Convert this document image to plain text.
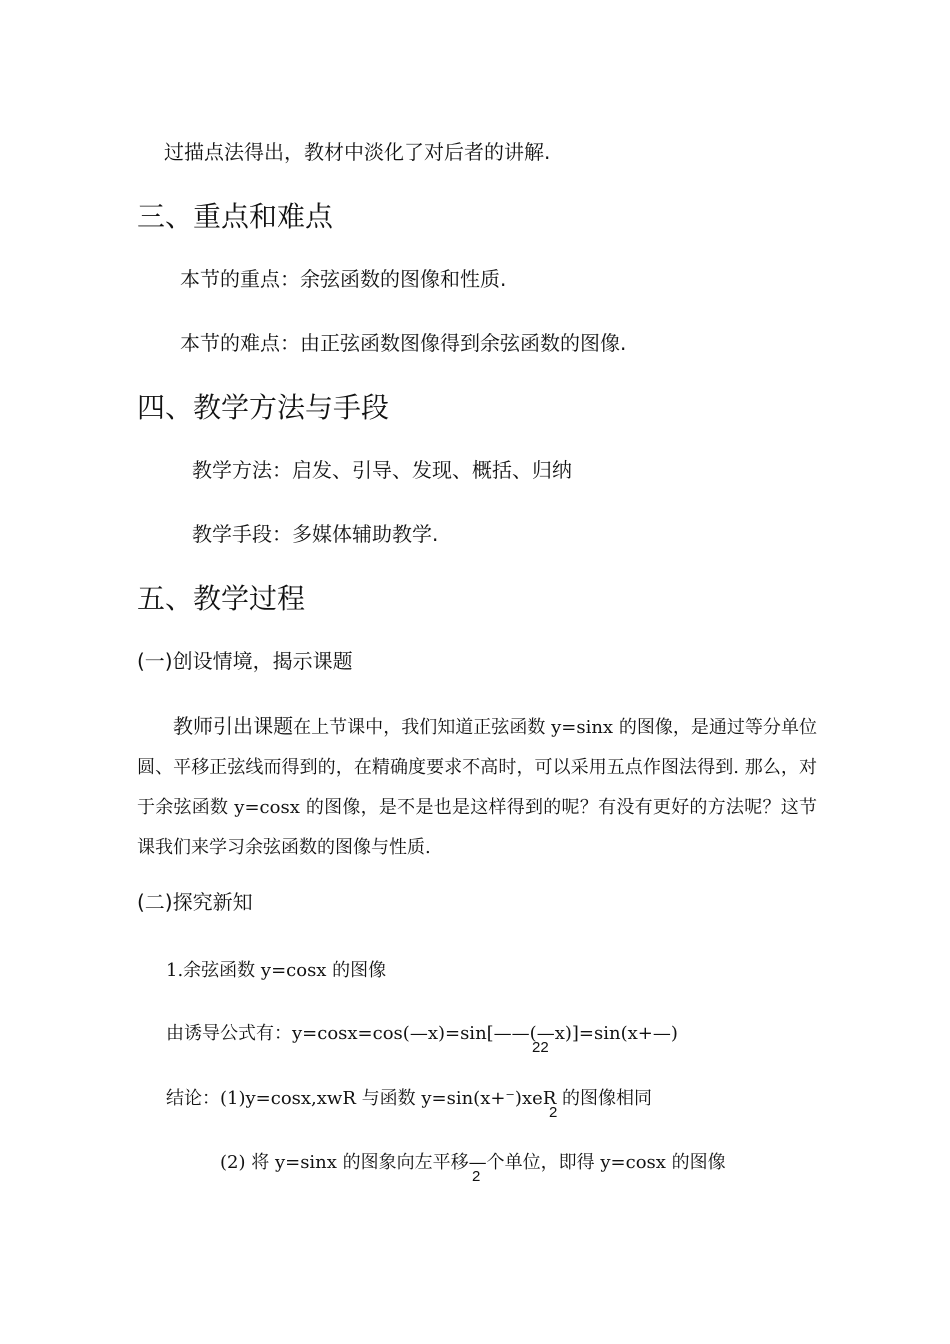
过描点法得出，教材中淡化了对后者的讲解.
三、重点和难点
本节的重点：余弦函数的图像和性质.
本节的难点：由正弦函数图像得到余弦函数的图像.
四、教学方法与手段
教学方法：启发、引导、发现、概括、归纳
教学手段：多媒体辅助教学.
五、教学过程
(一)创设情境，揭示课题
教师引出课题在上节课中，我们知道正弦函数 y=sinx 的图像，是通过等分单位圆、平移正弦线而得到的，在精确度要求不高时，可以采用五点作图法得到. 那么，对于余弦函数 y=cosx 的图像，是不是也是这样得到的呢？有没有更好的方法呢？这节课我们来学习余弦函数的图像与性质.
(二)探究新知
1.余弦函数 y=cosx 的图像
由诱导公式有：y=cosx=cos(—x)=sin[——(—x)]=sin(x+—)
22
结论：(1)y=cosx,xwR 与函数 y=sin(x+⁻)xeR 的图像相同
2
(2) 将 y=sinx 的图象向左平移—个单位，即得 y=cosx 的图像
2
